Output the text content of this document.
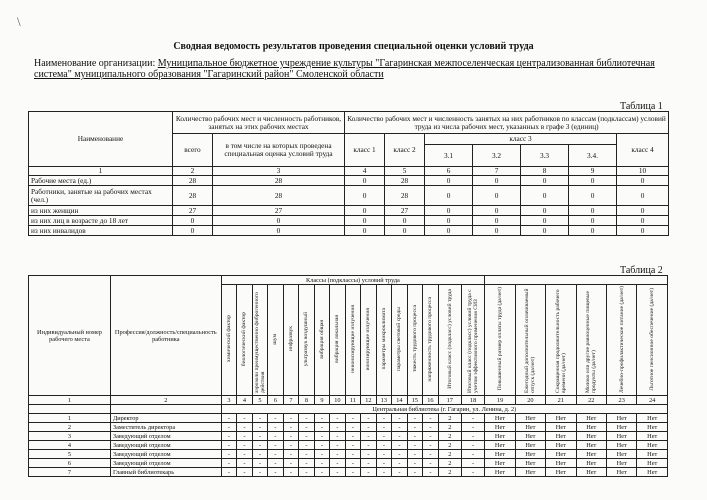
\
Сводная ведомость результатов проведения специальной оценки условий труда
Наименование организации: Муниципальное бюджетное учреждение культуры "Гагаринская межпоселенческая централизованная библиотечная система" муниципального образования "Гагаринский район" Смоленской области
Таблица 1
Наименование	Количество рабочих мест и численность работников, занятых на этих рабочих местах		Количество рабочих мест и численность занятых на них работников по классам (подклассам) условий труда из числа рабочих мест, указанных в графе 3 (единиц)						
	всего	в том числе на которых проведена специальная оценка условий труда	класс 1	класс 2	класс 3				класс 4
					3.1	3.2	3.3	3.4.	
1	2	3	4	5	6	7	8	9	10
Рабочие места (ед.)	28	28	0	28	0	0	0	0	0
Работники, занятые на рабочих местах (чел.)	28	28	0	28	0	0	0	0	0
из них женщин	27	27	0	27	0	0	0	0	0
из них лиц в возрасте до 18 лет	0	0	0	0	0	0	0	0	0
из них инвалидов	0	0	0	0	0	0	0	0	0
Таблица 2
Индивидуальный номер рабочего места	Профессия/должность/специальность работника	Классы (подклассы) условий труда																					
		химический фактор	биологический фактор	аэрозоли преимущественно фиброгенного действия	шум	инфразвук	ультразвук воздушный	вибрация общая	вибрация локальная	неионизирующие излучения	ионизирующие излучения	параметры микроклимата	параметры световой среды	тяжесть трудового процесса	напряженность трудового процесса	Итоговый класс (подкласс) условий труда	Итоговый класс (подкласс) условий труда с учетом эффективного применения СИЗ	Повышенный размер оплаты труда (да/нет)	Ежегодный дополнительный оплачиваемый отпуск (да/нет)	Сокращенная продолжительность рабочего времени (да/нет)	Молоко или другие равноценные пищевые продукты (да/нет)	Лечебно-профилактическое питание (да/нет)	Льготное пенсионное обеспечение (да/нет)
1	2	3	4	5	6	7	8	9	10	11	12	13	14	15	16	17	18	19	20	21	22	23	24
		Центральная библиотека (г. Гагарин, ул. Ленина, д. 2)																					
1	Директор	-	-	-	-	-	-	-	-	-	-	-	-	-	-	2	-	Нет	Нет	Нет	Нет	Нет	Нет
2	Заместитель директора	-	-	-	-	-	-	-	-	-	-	-	-	-	-	2	-	Нет	Нет	Нет	Нет	Нет	Нет
3	Заведующий отделом	-	-	-	-	-	-	-	-	-	-	-	-	-	-	2	-	Нет	Нет	Нет	Нет	Нет	Нет
4	Заведующий отделом	-	-	-	-	-	-	-	-	-	-	-	-	-	-	2	-	Нет	Нет	Нет	Нет	Нет	Нет
5	Заведующий отделом	-	-	-	-	-	-	-	-	-	-	-	-	-	-	2	-	Нет	Нет	Нет	Нет	Нет	Нет
6	Заведующий отделом	-	-	-	-	-	-	-	-	-	-	-	-	-	-	2	-	Нет	Нет	Нет	Нет	Нет	Нет
7	Главный библиотекарь	-	-	-	-	-	-	-	-	-	-	-	-	-	-	2	-	Нет	Нет	Нет	Нет	Нет	Нет
